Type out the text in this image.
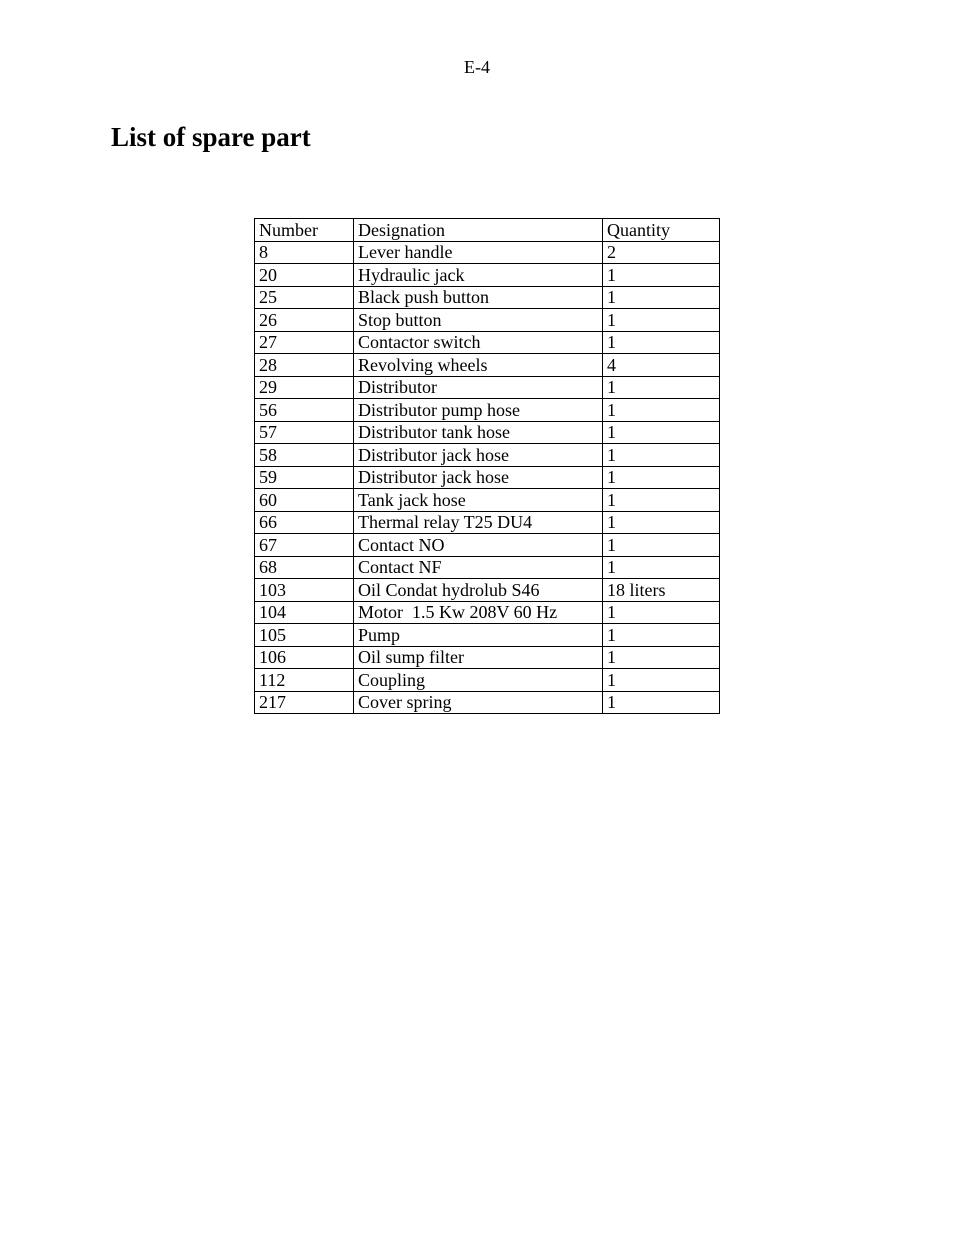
E-4
List of spare part
Number	Designation	Quantity
8	Lever handle	2
20	Hydraulic jack	1
25	Black push button	1
26	Stop button	1
27	Contactor switch	1
28	Revolving wheels	4
29	Distributor	1
56	Distributor pump hose	1
57	Distributor tank hose	1
58	Distributor jack hose	1
59	Distributor jack hose	1
60	Tank jack hose	1
66	Thermal relay T25 DU4	1
67	Contact NO	1
68	Contact NF	1
103	Oil Condat hydrolub S46	18 liters
104	Motor  1.5 Kw 208V 60 Hz	1
105	Pump	1
106	Oil sump filter	1
112	Coupling	1
217	Cover spring	1
